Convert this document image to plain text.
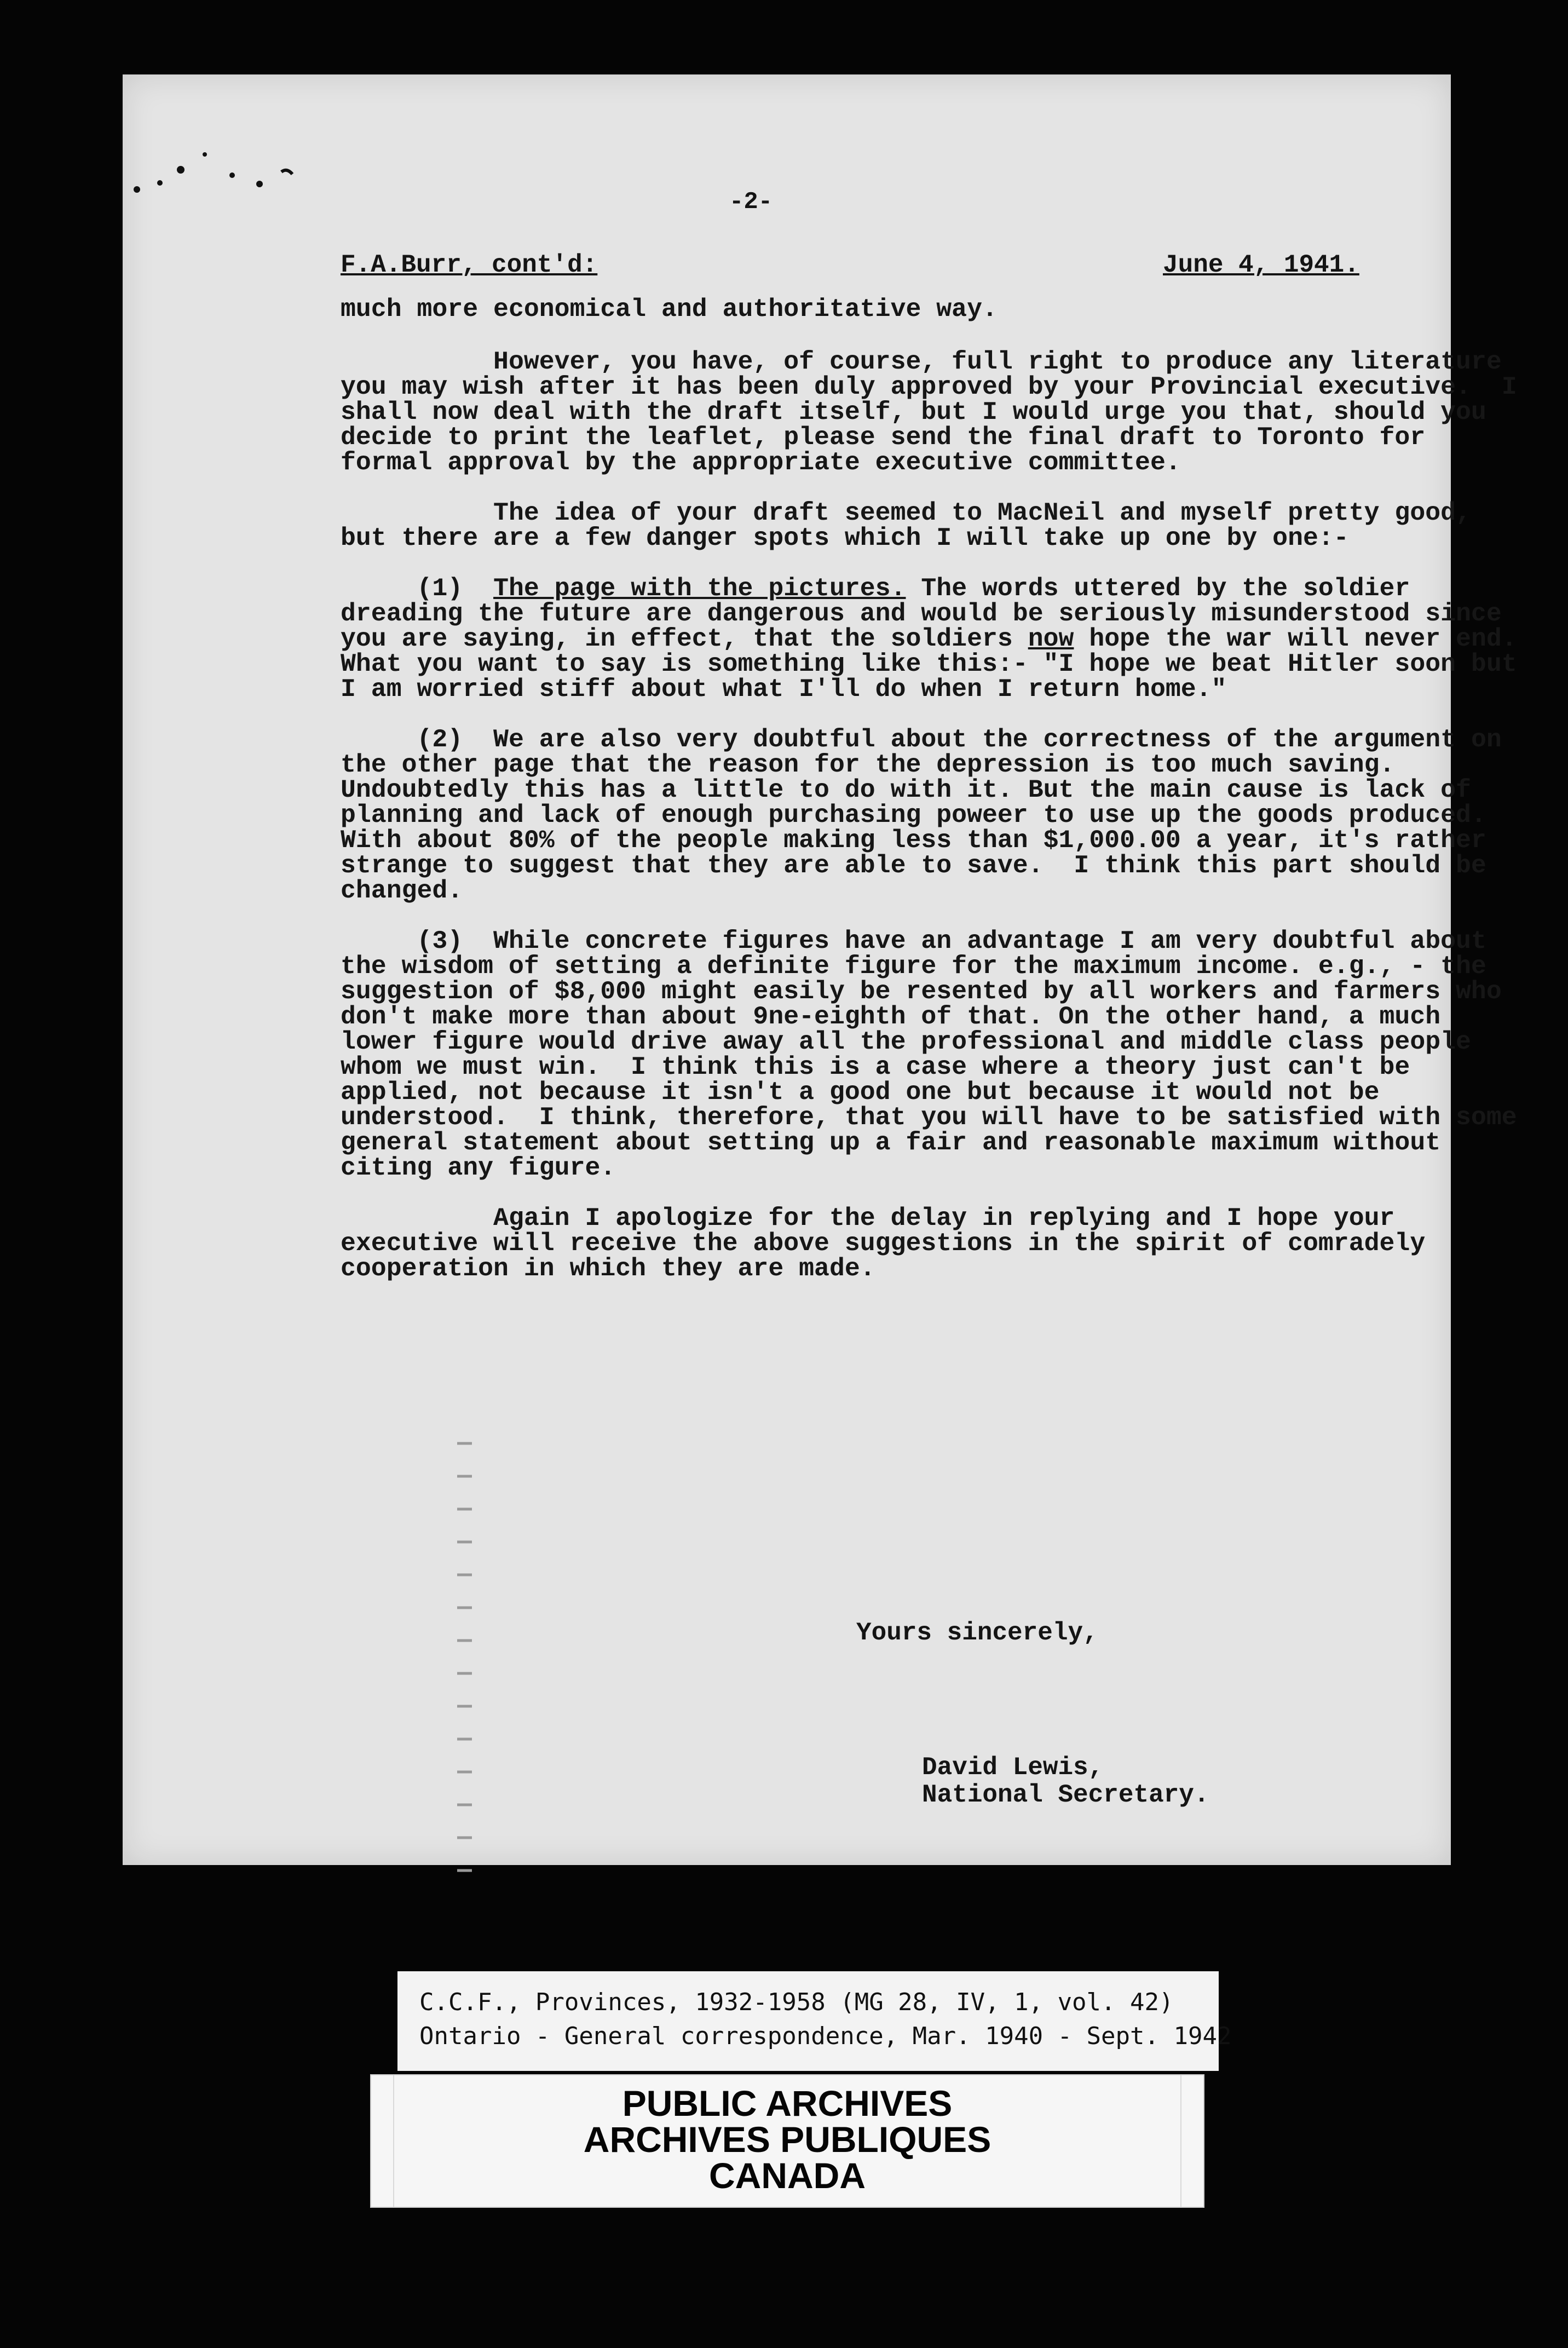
-2-
F.A.Burr, cont'd:	June 4, 1941.

much more economical and authoritative way.

However, you have, of course, full right to produce any literature you may wish after it has been duly approved by your Provincial executive.  I shall now deal with the draft itself, but I would urge you that, should you decide to print the leaflet, please send the final draft to Toronto for formal approval by the appropriate executive committee.

The idea of your draft seemed to MacNeil and myself pretty good, but there are a few danger spots which I will take up one by one:-

(1)  The page with the pictures. The words uttered by the soldier dreading the future are dangerous and would be seriously misunderstood since you are saying, in effect, that the soldiers now hope the war will never end.  What you want to say is something like this:- "I hope we beat Hitler soon but I am worried stiff about what I'll do when I return home."

(2)  We are also very doubtful about the correctness of the argument on the other page that the reason for the depression is too much saving.  Undoubtedly this has a little to do with it. But the main cause is lack of planning and lack of enough purchasing poweer to use up the goods produced.  With about 80% of the people making less than $1,000.00 a year, it's rather strange to suggest that they are able to save.  I think this part should be changed.

(3)  While concrete figures have an advantage I am very doubtful about the wisdom of setting a definite figure for the maximum income. e.g., - the suggestion of $8,000 might easily be resented by all workers and farmers who don't make more than about 9ne-eighth of that. On the other hand, a much lower figure would drive away all the professional and middle class people whom we must win.  I think this is a case where a theory just can't be applied, not because it isn't a good one but because it would not be understood.  I think, therefore, that you will have to be satisfied with some general statement about setting up a fair and reasonable maximum without citing any figure.

Again I apologize for the delay in replying and I hope your executive will receive the above suggestions in the spirit of comradely cooperation in which they are made.

Yours sincerely,
David Lewis,
National Secretary.
C.C.F., Provinces, 1932-1958 (MG 28, IV, 1, vol. 42)
Ontario - General correspondence, Mar. 1940 - Sept. 1942
PUBLIC ARCHIVES
ARCHIVES PUBLIQUES
CANADA
